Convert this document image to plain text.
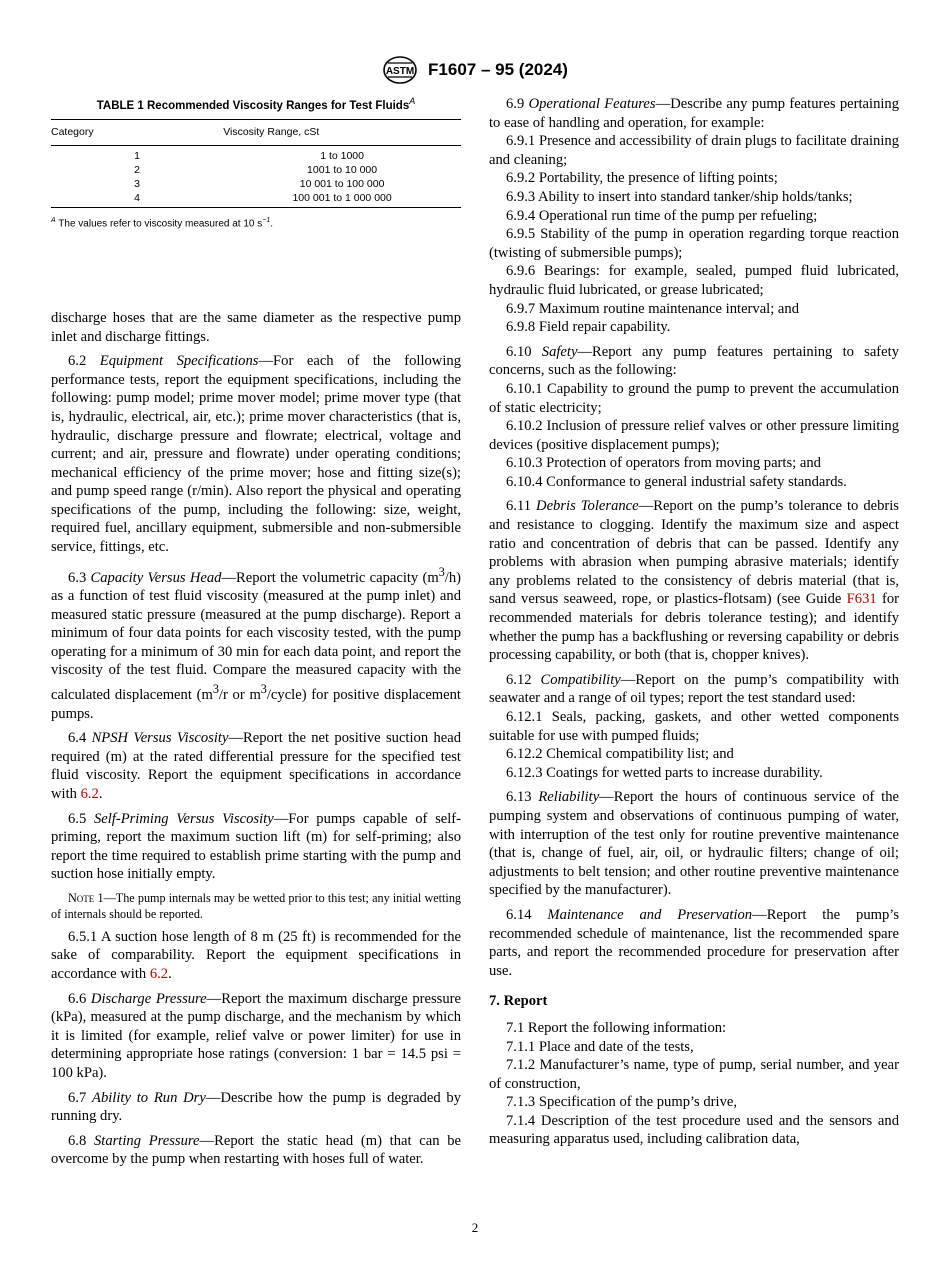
ASTM F1607 – 95 (2024)
TABLE 1 Recommended Viscosity Ranges for Test Fluids$^A$
Category	Viscosity Range, cSt
1	1 to 1000
2	1001 to 10 000
3	10 001 to 100 000
4	100 001 to 1 000 000

$^A$ The values refer to viscosity measured at 10 $s^{-1}$.

discharge hoses that are the same diameter as the respective pump inlet and discharge fittings.

6.2 Equipment Specifications—For each of the following performance tests, report the equipment specifications, including the following: pump model; prime mover model; prime mover type (that is, hydraulic, electrical, air, etc.); prime mover characteristics (that is, hydraulic, discharge pressure and flowrate; electrical, voltage and current; and air, pressure and flowrate) under operating conditions; mechanical efficiency of the prime mover; hose and fitting size(s); and pump speed range (r/min). Also report the physical and operating specifications of the pump, including the following: size, weight, required fuel, ancillary equipment, submersible and non-submersible service, fittings, etc.

6.3 Capacity Versus Head—Report the volumetric capacity $(m^3/h)$ as a function of test fluid viscosity (measured at the pump inlet) and measured static pressure (measured at the pump discharge). Report a minimum of four data points for each viscosity tested, with the pump operating for a minimum of 30 min for each data point, and report the viscosity of the test fluid. Compare the measured capacity with the calculated displacement ($m^3/r$ or $m^3/cycle$) for positive displacement pumps.

6.4 NPSH Versus Viscosity—Report the net positive suction head required (m) at the rated differential pressure for the specified test fluid viscosity. Report the equipment specifications in accordance with 6.2.

6.5 Self-Priming Versus Viscosity—For pumps capable of self-priming, report the maximum suction lift (m) for self-priming; also report the time required to establish prime starting with the pump and suction hose initially empty.

Note 1—The pump internals may be wetted prior to this test; any initial wetting of internals should be reported.

6.5.1 A suction hose length of 8 m (25 ft) is recommended for the sake of comparability. Report the equipment specifications in accordance with 6.2.

6.6 Discharge Pressure—Report the maximum discharge pressure (kPa), measured at the pump discharge, and the mechanism by which it is limited (for example, relief valve or power limiter) for use in determining appropriate hose ratings (conversion: 1 bar = 14.5 psi = 100 kPa).

6.7 Ability to Run Dry—Describe how the pump is degraded by running dry.

6.8 Starting Pressure—Report the static head (m) that can be overcome by the pump when restarting with hoses full of water.

6.9 Operational Features—Describe any pump features pertaining to ease of handling and operation, for example:

6.9.1 Presence and accessibility of drain plugs to facilitate draining and cleaning;

6.9.2 Portability, the presence of lifting points;

6.9.3 Ability to insert into standard tanker/ship holds/tanks;

6.9.4 Operational run time of the pump per refueling;

6.9.5 Stability of the pump in operation regarding torque reaction (twisting of submersible pumps);

6.9.6 Bearings: for example, sealed, pumped fluid lubricated, hydraulic fluid lubricated, or grease lubricated;

6.9.7 Maximum routine maintenance interval; and

6.9.8 Field repair capability.

6.10 Safety—Report any pump features pertaining to safety concerns, such as the following:

6.10.1 Capability to ground the pump to prevent the accumulation of static electricity;

6.10.2 Inclusion of pressure relief valves or other pressure limiting devices (positive displacement pumps);

6.10.3 Protection of operators from moving parts; and

6.10.4 Conformance to general industrial safety standards.

6.11 Debris Tolerance—Report on the pump’s tolerance to debris and resistance to clogging. Identify the maximum size and aspect ratio and concentration of debris that can be passed. Identify any problems with abrasion when pumping abrasive materials; identify any problems related to the consistency of debris material (that is, sand versus seaweed, rope, or plastics-flotsam) (see Guide F631 for recommended materials for debris tolerance testing); and identify whether the pump has a backflushing or reversing capability or debris processing capability, or both (that is, chopper knives).

6.12 Compatibility—Report on the pump’s compatibility with seawater and a range of oil types; report the test standard used:

6.12.1 Seals, packing, gaskets, and other wetted components suitable for use with pumped fluids;

6.12.2 Chemical compatibility list; and

6.12.3 Coatings for wetted parts to increase durability.

6.13 Reliability—Report the hours of continuous service of the pumping system and observations of continuous pumping of water, with interruption of the test only for routine preventive maintenance (that is, change of fuel, air, oil, or hydraulic filters; change of oil; adjustments to belt tension; and other routine preventive maintenance specified by the manufacturer).

6.14 Maintenance and Preservation—Report the pump’s recommended schedule of maintenance, list the recommended spare parts, and report the recommended procedure for preservation after use.

7. Report

7.1 Report the following information:

7.1.1 Place and date of the tests,

7.1.2 Manufacturer’s name, type of pump, serial number, and year of construction,

7.1.3 Specification of the pump’s drive,

7.1.4 Description of the test procedure used and the sensors and measuring apparatus used, including calibration data,

2
